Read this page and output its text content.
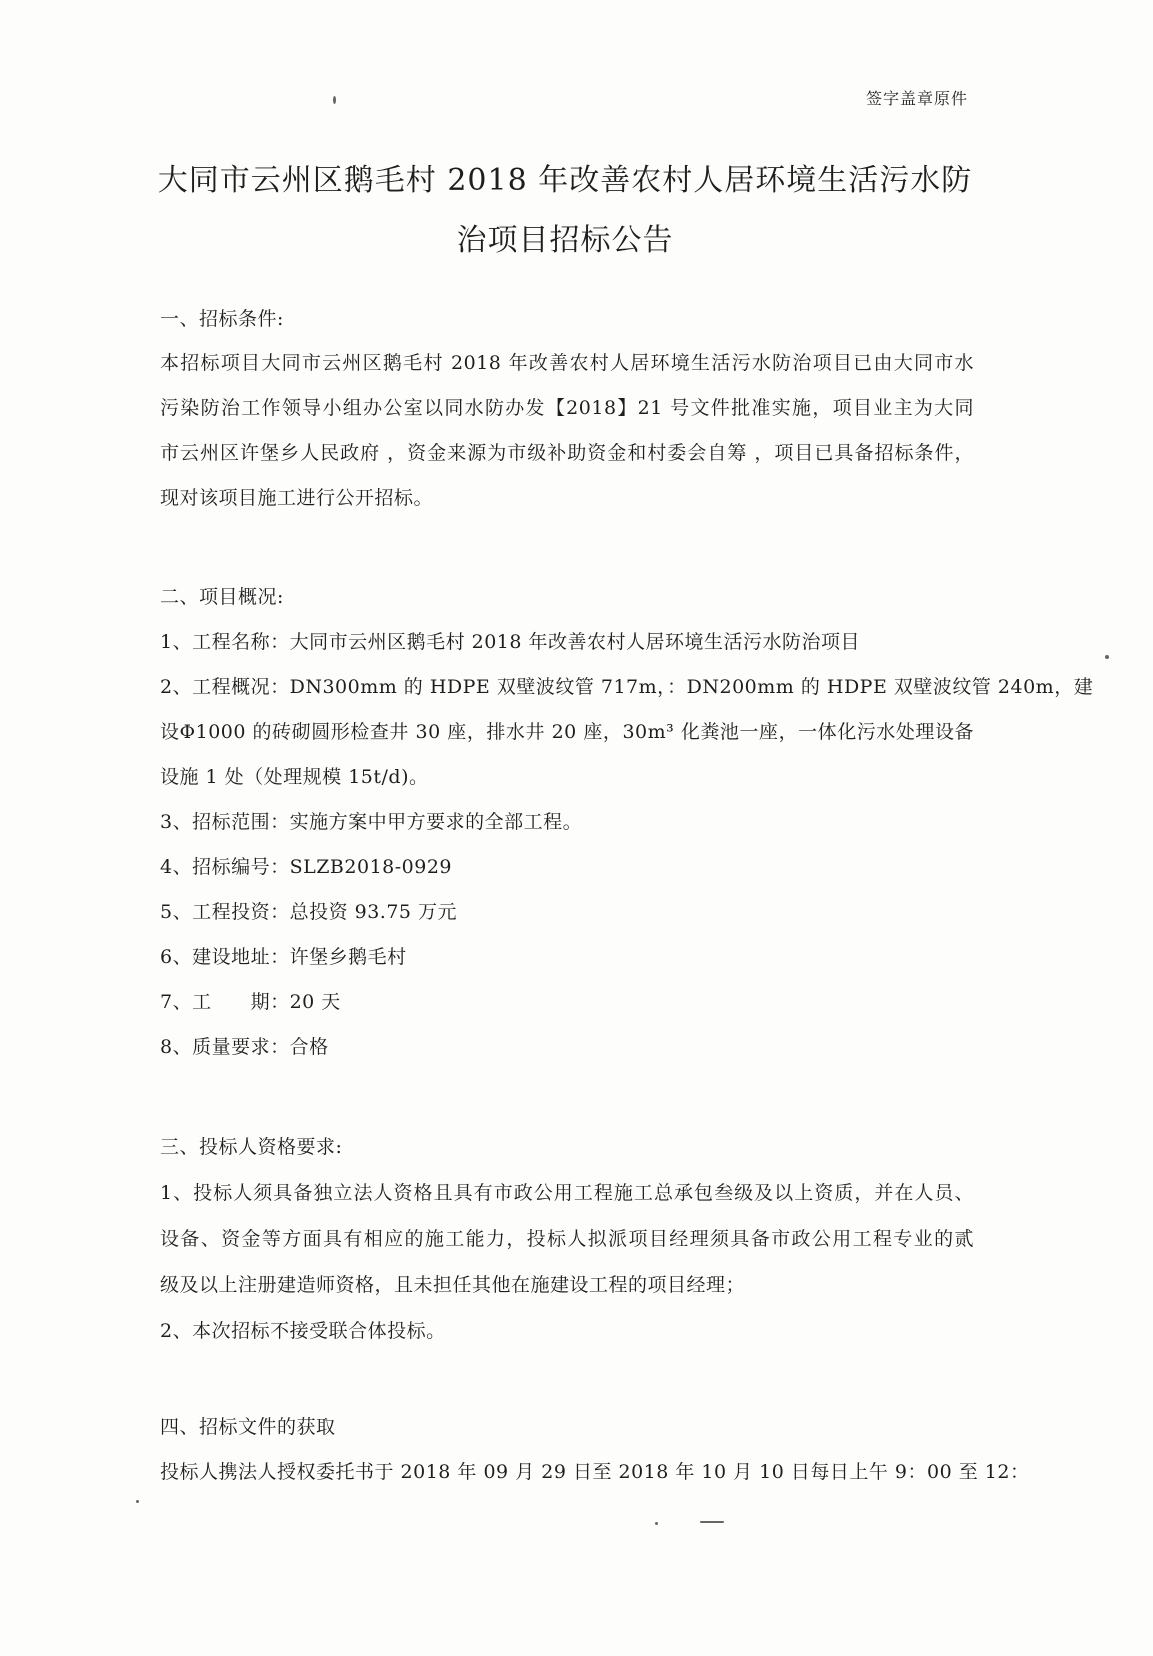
签字盖章原件
大同市云州区鹅毛村 2018 年改善农村人居环境生活污水防
治项目招标公告
一、招标条件:
本招标项目大同市云州区鹅毛村 2018 年改善农村人居环境生活污水防治项目已由大同市水
污染防治工作领导小组办公室以同水防办发【2018】21 号文件批准实施，项目业主为大同
市云州区许堡乡人民政府 ，资金来源为市级补助资金和村委会自筹 ，项目已具备招标条件，
现对该项目施工进行公开招标。
二、项目概况:
1、工程名称：大同市云州区鹅毛村 2018 年改善农村人居环境生活污水防治项目
2、工程概况：DN300mm 的 HDPE 双壁波纹管 717m，：DN200mm 的 HDPE 双壁波纹管 240m，建
设Φ1000 的砖砌圆形检查井 30 座，排水井 20 座，30m³ 化粪池一座，一体化污水处理设备
设施 1 处（处理规模 15t/d)。
3、招标范围：实施方案中甲方要求的全部工程。
4、招标编号：SLZB2018-0929
5、工程投资：总投资 93.75 万元
6、建设地址：许堡乡鹅毛村
7、工　　期：20 天
8、质量要求：合格
三、投标人资格要求:
1、投标人须具备独立法人资格且具有市政公用工程施工总承包叁级及以上资质，并在人员、
设备、资金等方面具有相应的施工能力，投标人拟派项目经理须具备市政公用工程专业的贰
级及以上注册建造师资格，且未担任其他在施建设工程的项目经理；
2、本次招标不接受联合体投标。
四、招标文件的获取
投标人携法人授权委托书于 2018 年 09 月 29 日至 2018 年 10 月 10 日每日上午 9：00 至 12：
